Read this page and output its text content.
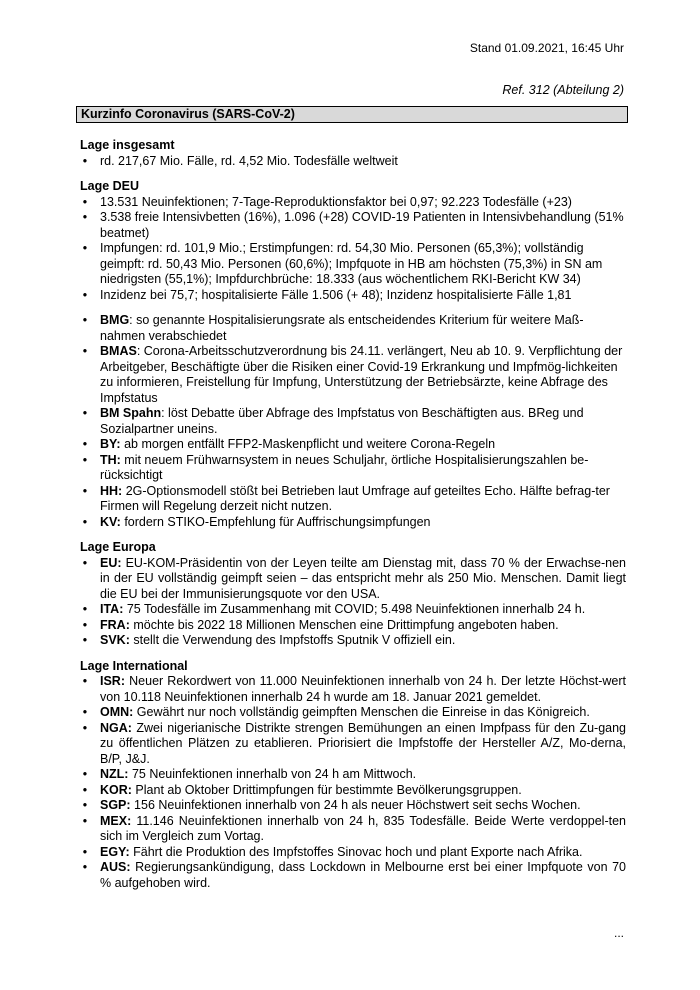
Stand 01.09.2021, 16:45 Uhr
Ref. 312 (Abteilung 2)
Kurzinfo Coronavirus (SARS-CoV-2)
Lage insgesamt
• rd. 217,67 Mio. Fälle, rd. 4,52 Mio. Todesfälle weltweit
Lage DEU
• 13.531 Neuinfektionen; 7-Tage-Reproduktionsfaktor bei 0,97; 92.223 Todesfälle (+23)
• 3.538 freie Intensivbetten (16%), 1.096 (+28) COVID-19 Patienten in Intensivbehandlung (51% beatmet)
• Impfungen: rd. 101,9 Mio.; Erstimpfungen: rd. 54,30 Mio. Personen (65,3%); vollständig geimpft: rd. 50,43 Mio. Personen (60,6%); Impfquote in HB am höchsten (75,3%) in SN am niedrigsten (55,1%); Impfdurchbrüche: 18.333 (aus wöchentlichem RKI-Bericht KW 34)
• Inzidenz bei 75,7; hospitalisierte Fälle 1.506 (+ 48); Inzidenz hospitalisierte Fälle 1,81
• BMG: so genannte Hospitalisierungsrate als entscheidendes Kriterium für weitere Maß-nahmen verabschiedet
• BMAS: Corona-Arbeitsschutzverordnung bis 24.11. verlängert, Neu ab 10. 9. Verpflichtung der Arbeitgeber, Beschäftigte über die Risiken einer Covid-19 Erkrankung und Impfmög-lichkeiten zu informieren, Freistellung für Impfung, Unterstützung der Betriebsärzte, keine Abfrage des Impfstatus
• BM Spahn: löst Debatte über Abfrage des Impfstatus von Beschäftigten aus. BReg und Sozialpartner uneins.
• BY: ab morgen entfällt FFP2-Maskenpflicht und weitere Corona-Regeln
• TH: mit neuem Frühwarnsystem in neues Schuljahr, örtliche Hospitalisierungszahlen be-rücksichtigt
• HH: 2G-Optionsmodell stößt bei Betrieben laut Umfrage auf geteiltes Echo. Hälfte befrag-ter Firmen will Regelung derzeit nicht nutzen.
• KV: fordern STIKO-Empfehlung für Auffrischungsimpfungen
Lage Europa
• EU: EU-KOM-Präsidentin von der Leyen teilte am Dienstag mit, dass 70 % der Erwachse-nen in der EU vollständig geimpft seien – das entspricht mehr als 250 Mio. Menschen. Damit liegt die EU bei der Immunisierungsquote vor den USA.
• ITA: 75 Todesfälle im Zusammenhang mit COVID; 5.498 Neuinfektionen innerhalb 24 h.
• FRA: möchte bis 2022 18 Millionen Menschen eine Drittimpfung angeboten haben.
• SVK: stellt die Verwendung des Impfstoffs Sputnik V offiziell ein.
Lage International
• ISR: Neuer Rekordwert von 11.000 Neuinfektionen innerhalb von 24 h. Der letzte Höchst-wert von 10.118 Neuinfektionen innerhalb 24 h wurde am 18. Januar 2021 gemeldet.
• OMN: Gewährt nur noch vollständig geimpften Menschen die Einreise in das Königreich.
• NGA: Zwei nigerianische Distrikte strengen Bemühungen an einen Impfpass für den Zu-gang zu öffentlichen Plätzen zu etablieren. Priorisiert die Impfstoffe der Hersteller A/Z, Mo-derna, B/P, J&J.
• NZL: 75 Neuinfektionen innerhalb von 24 h am Mittwoch.
• KOR: Plant ab Oktober Drittimpfungen für bestimmte Bevölkerungsgruppen.
• SGP: 156 Neuinfektionen innerhalb von 24 h als neuer Höchstwert seit sechs Wochen.
• MEX: 11.146 Neuinfektionen innerhalb von 24 h, 835 Todesfälle. Beide Werte verdoppel-ten sich im Vergleich zum Vortag.
• EGY: Fährt die Produktion des Impfstoffes Sinovac hoch und plant Exporte nach Afrika.
• AUS: Regierungsankündigung, dass Lockdown in Melbourne erst bei einer Impfquote von 70 % aufgehoben wird.
...
